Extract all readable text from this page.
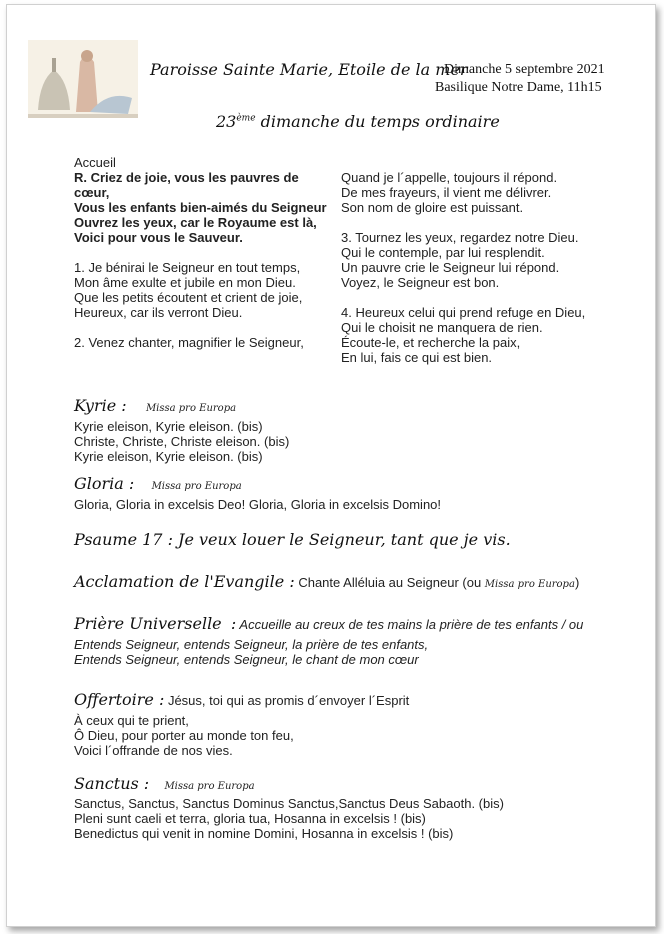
Paroisse Sainte Marie, Etoile de la mer
Dimanche 5 septembre 2021
Basilique Notre Dame, 11h15
23ème dimanche du temps ordinaire

Accueil

R. Criez de joie, vous les pauvres de cœur,

Vous les enfants bien-aimés du Seigneur

Ouvrez les yeux, car le Royaume est là,

Voici pour vous le Sauveur.

1. Je bénirai le Seigneur en tout temps,

Mon âme exulte et jubile en mon Dieu.

Que les petits écoutent et crient de joie,

Heureux, car ils verront Dieu.

2. Venez chanter, magnifier le Seigneur,

Quand je l´appelle, toujours il répond.

De mes frayeurs, il vient me délivrer.

Son nom de gloire est puissant.

3. Tournez les yeux, regardez notre Dieu.

Qui le contemple, par lui resplendit.

Un pauvre crie le Seigneur lui répond.

Voyez, le Seigneur est bon.

4. Heureux celui qui prend refuge en Dieu,

Qui le choisit ne manquera de rien.

Écoute-le, et recherche la paix,

En lui, fais ce qui est bien.

Kyrie : Missa pro Europa
Kyrie eleison, Kyrie eleison. (bis)
Christe, Christe, Christe eleison. (bis)
Kyrie eleison, Kyrie eleison. (bis)
Gloria : Missa pro Europa
Gloria, Gloria in excelsis Deo! Gloria, Gloria in excelsis Domino!
Psaume 17 : Je veux louer le Seigneur, tant que je vis.
Acclamation de l'Evangile : Chante Alléluia au Seigneur (ou Missa pro Europa)
Prière Universelle : Accueille au creux de tes mains la prière de tes enfants / ou
Entends Seigneur, entends Seigneur, la prière de tes enfants,
Entends Seigneur, entends Seigneur, le chant de mon cœur
Offertoire : Jésus, toi qui as promis d´envoyer l´Esprit
À ceux qui te prient,
Ô Dieu, pour porter au monde ton feu,
Voici l´offrande de nos vies.
Sanctus : Missa pro Europa
Sanctus, Sanctus, Sanctus Dominus Sanctus,Sanctus Deus Sabaoth. (bis)
Pleni sunt caeli et terra, gloria tua, Hosanna in excelsis ! (bis)
Benedictus qui venit in nomine Domini, Hosanna in excelsis ! (bis)
